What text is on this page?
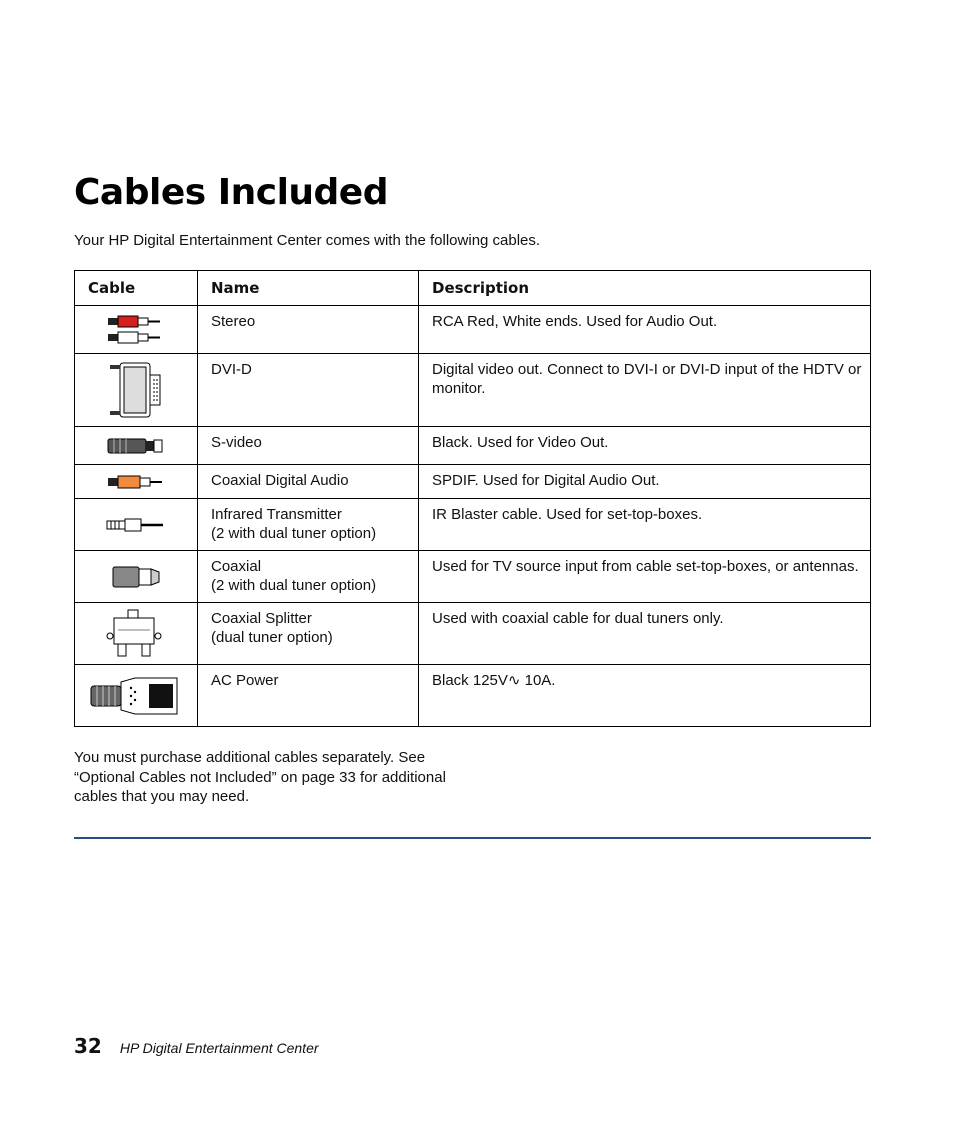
Cables Included

Your HP Digital Entertainment Center comes with the following cables.

Cable	Name	Description

	Stereo	RCA Red, White ends. Used for Audio Out.

	DVI-D	Digital video out. Connect to DVI-I or DVI-D input of the HDTV or monitor.

	S-video	Black. Used for Video Out.

	Coaxial Digital Audio	SPDIF. Used for Digital Audio Out.

	Infrared Transmitter
(2 with dual tuner option)	IR Blaster cable. Used for set-top-boxes.

	Coaxial
(2 with dual tuner option)	Used for TV source input from cable set-top-boxes, or antennas.

	Coaxial Splitter
(dual tuner option)	Used with coaxial cable for dual tuners only.

	AC Power	Black 125V∿ 10A.

You must purchase additional cables separately. See “Optional Cables not Included” on page 33 for additional cables that you may need.

32 HP Digital Entertainment Center
